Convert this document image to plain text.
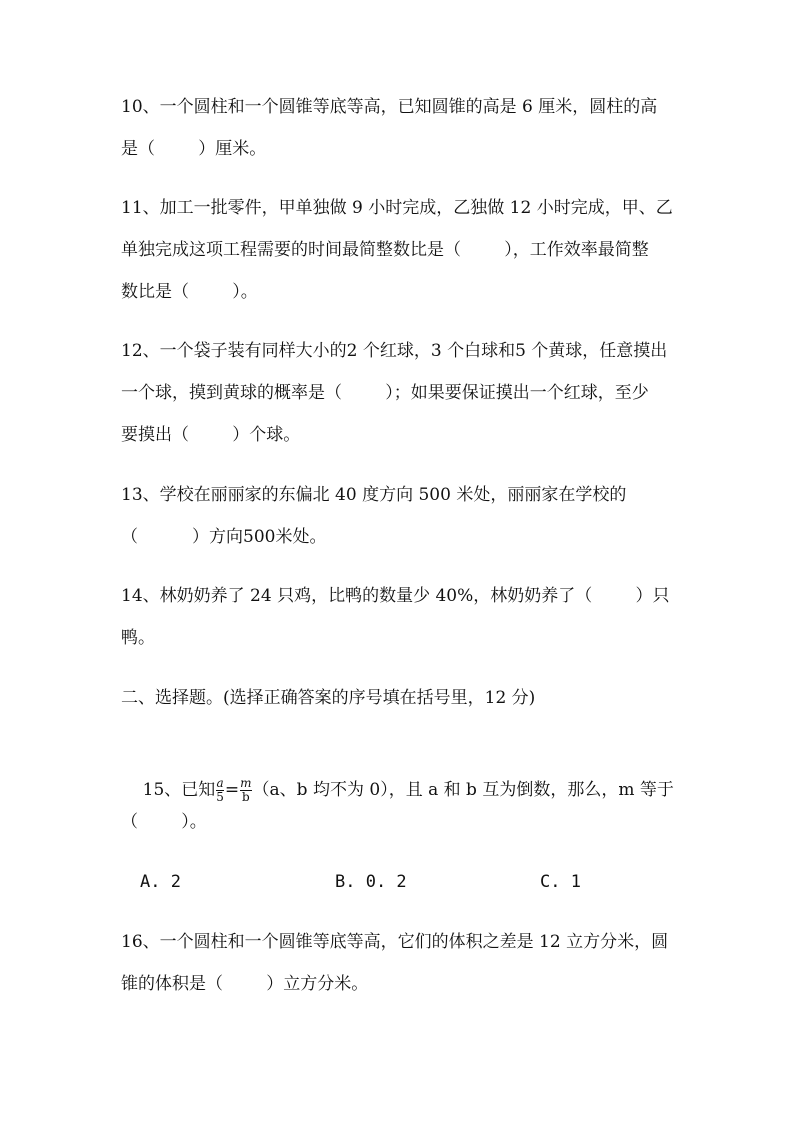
10、一个圆柱和一个圆锥等底等高，已知圆锥的高是 6 厘米，圆柱的高
是（        ）厘米。
11、加工一批零件，甲单独做 9 小时完成，乙独做 12 小时完成，甲、乙
单独完成这项工程需要的时间最简整数比是（        ），工作效率最简整
数比是（        ）。
12、一个袋子装有同样大小的2 个红球，3 个白球和5 个黄球，任意摸出
一个球，摸到黄球的概率是（        ）；如果要保证摸出一个红球，至少
要摸出（        ）个球。
13、学校在丽丽家的东偏北 40 度方向 500 米处，丽丽家在学校的
（          ）方向500米处。
14、林奶奶养了 24 只鸡，比鸭的数量少 40%，林奶奶养了（        ）只
鸭。
二、选择题。(选择正确答案的序号填在括号里，12 分)

15、已知 $\frac{a}{5} = \frac{m}{b} (a$、b 均不为 0），且 a 和 b 互为倒数，那么，m 等于

（        ）。
A. 2	B. 0. 2	C. 1
16、一个圆柱和一个圆锥等底等高，它们的体积之差是 12 立方分米，圆
锥的体积是（        ）立方分米。
